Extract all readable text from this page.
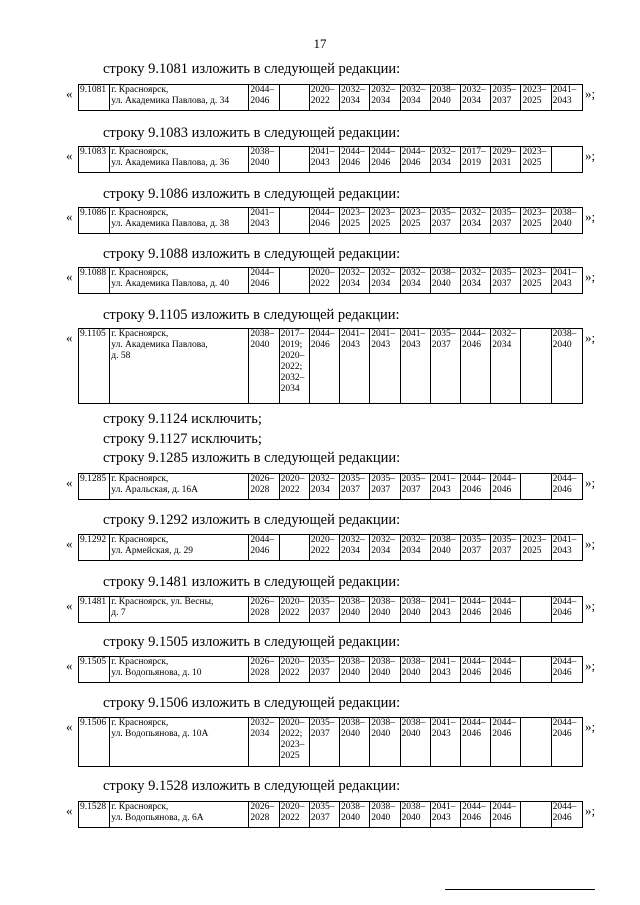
17
строку 9.1081 изложить в следующей редакции:
« 9.1081	г. Красноярск,
ул. Академика Павлова, д. 34	2044–
2046		2020–
2022	2032–
2034	2032–
2034	2032–
2034	2038–
2040	2032–
2034	2035–
2037	2023–
2025	2041–
2043 »;
строку 9.1083 изложить в следующей редакции:
« 9.1083	г. Красноярск,
ул. Академика Павлова, д. 36	2038–
2040		2041–
2043	2044–
2046	2044–
2046	2044–
2046	2032–
2034	2017–
2019	2029–
2031	2023–
2025		»;
строку 9.1086 изложить в следующей редакции:
« 9.1086	г. Красноярск,
ул. Академика Павлова, д. 38	2041–
2043		2044–
2046	2023–
2025	2023–
2025	2023–
2025	2035–
2037	2032–
2034	2035–
2037	2023–
2025	2038–
2040 »;
строку 9.1088 изложить в следующей редакции:
« 9.1088	г. Красноярск,
ул. Академика Павлова, д. 40	2044–
2046		2020–
2022	2032–
2034	2032–
2034	2032–
2034	2038–
2040	2032–
2034	2035–
2037	2023–
2025	2041–
2043 »;
строку 9.1105 изложить в следующей редакции:
« 9.1105	г. Красноярск,
ул. Академика Павлова,
д. 58	2038–
2040	2017–
2019;
2020–
2022;
2032–
2034	2044–
2046	2041–
2043	2041–
2043	2041–
2043	2035–
2037	2044–
2046	2032–
2034		2038–
2040 »;
строку 9.1285 изложить в следующей редакции:
« 9.1285	г. Красноярск,
ул. Аральская, д. 16А	2026–
2028	2020–
2022	2032–
2034	2035–
2037	2035–
2037	2035–
2037	2041–
2043	2044–
2046	2044–
2046		2044–
2046 »;
строку 9.1292 изложить в следующей редакции:
« 9.1292	г. Красноярск,
ул. Армейская, д. 29	2044–
2046		2020–
2022	2032–
2034	2032–
2034	2032–
2034	2038–
2040	2035–
2037	2035–
2037	2023–
2025	2041–
2043 »;
строку 9.1481 изложить в следующей редакции:
« 9.1481	г. Красноярск, ул. Весны,
д. 7	2026–
2028	2020–
2022	2035–
2037	2038–
2040	2038–
2040	2038–
2040	2041–
2043	2044–
2046	2044–
2046		2044–
2046 »;
строку 9.1505 изложить в следующей редакции:
« 9.1505	г. Красноярск,
ул. Водопьянова, д. 10	2026–
2028	2020–
2022	2035–
2037	2038–
2040	2038–
2040	2038–
2040	2041–
2043	2044–
2046	2044–
2046		2044–
2046 »;
строку 9.1506 изложить в следующей редакции:
« 9.1506	г. Красноярск,
ул. Водопьянова, д. 10А	2032–
2034	2020–
2022;
2023–
2025	2035–
2037	2038–
2040	2038–
2040	2038–
2040	2041–
2043	2044–
2046	2044–
2046		2044–
2046 »;
строку 9.1528 изложить в следующей редакции:
« 9.1528	г. Красноярск,
ул. Водопьянова, д. 6А	2026–
2028	2020–
2022	2035–
2037	2038–
2040	2038–
2040	2038–
2040	2041–
2043	2044–
2046	2044–
2046		2044–
2046 »;
строку 9.1124 исключить;
строку 9.1127 исключить;
